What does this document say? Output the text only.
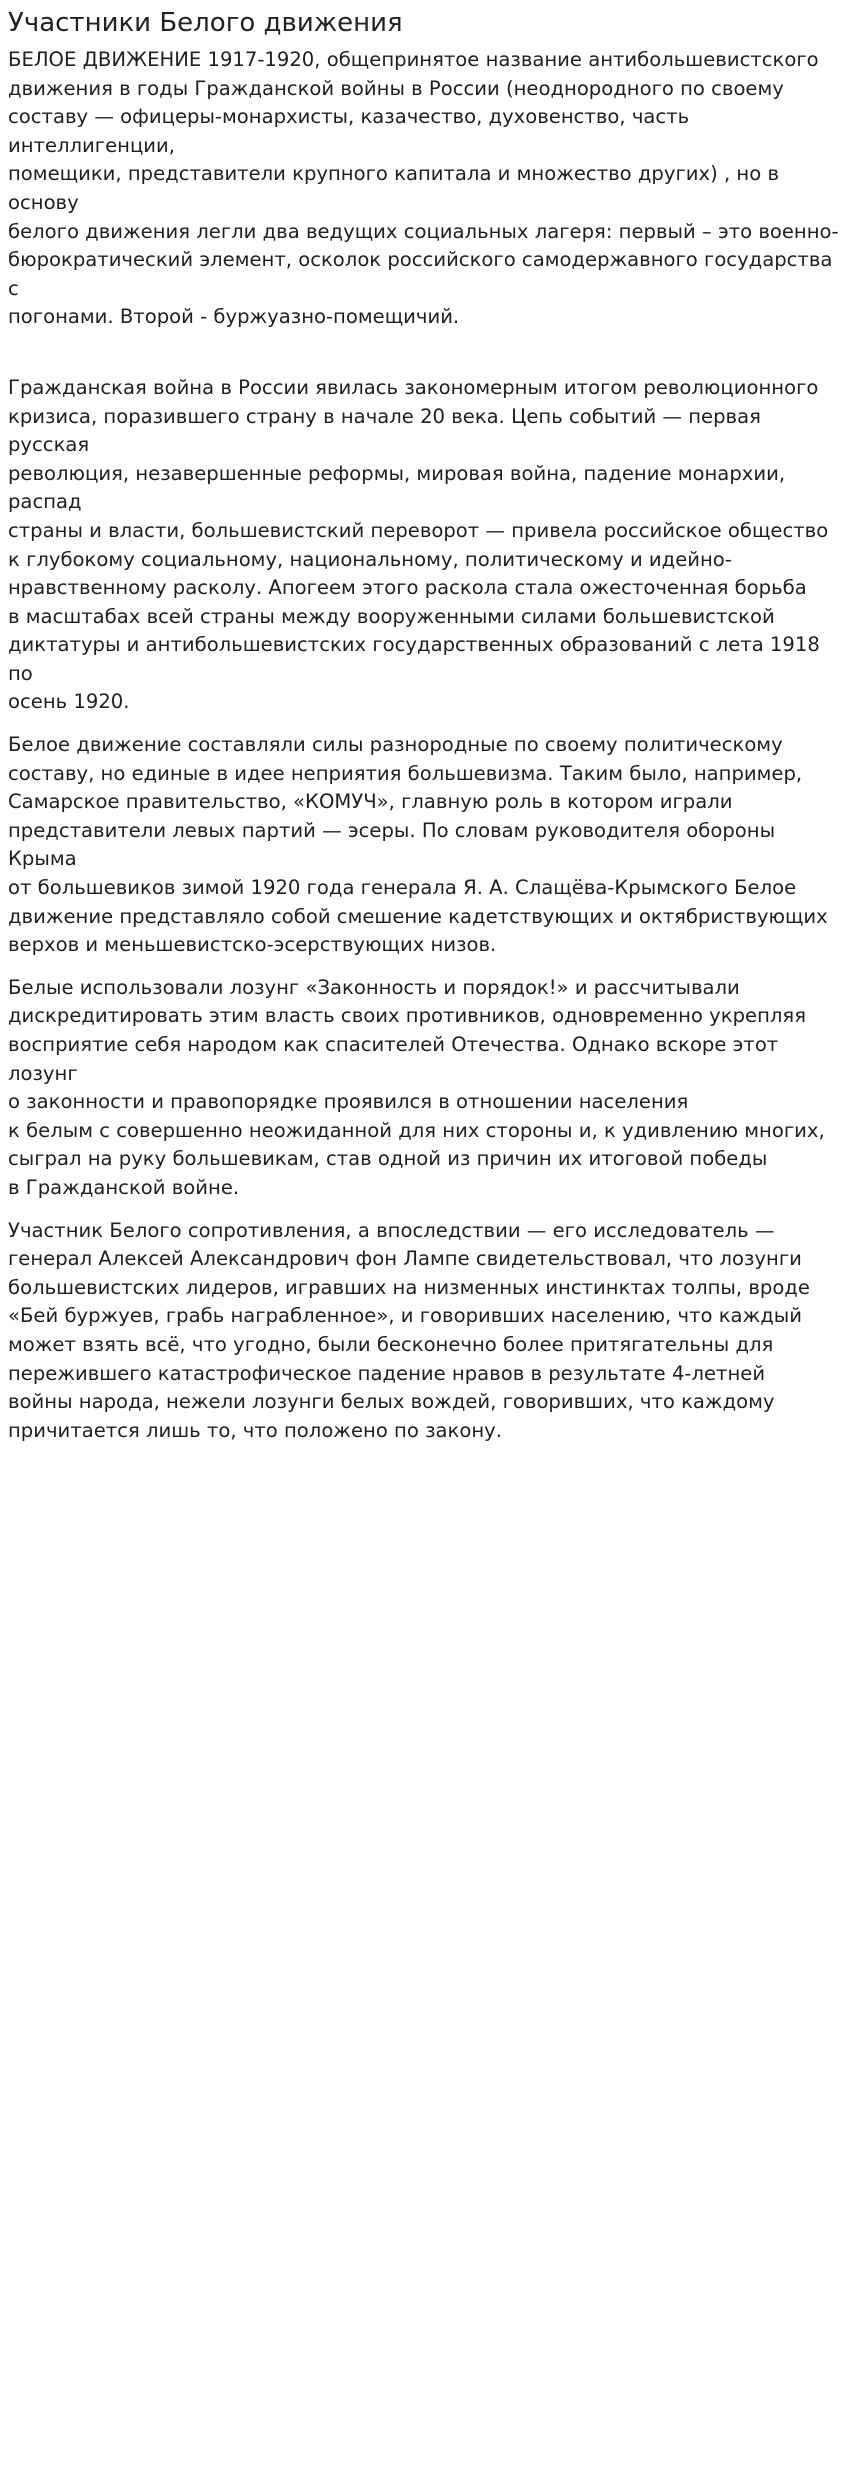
Участники Белого движения

БЕЛОЕ ДВИЖЕНИЕ 1917-1920, общепринятое название антибольшевистского
движения в годы Гражданской войны в России (неоднородного по своему
составу — офицеры-монархисты, казачество, духовенство, часть интеллигенции,
помещики, представители крупного капитала и множество других) , но в основу
белого движения легли два ведущих социальных лагеря: первый – это военно-
бюрократический элемент, осколок российского самодержавного государства с
погонами. Второй - буржуазно-помещичий.

Гражданская война в России явилась закономерным итогом революционного
кризиса, поразившего страну в начале 20 века. Цепь событий — первая русская
революция, незавершенные реформы, мировая война, падение монархии, распад
страны и власти, большевистский переворот — привела российское общество
к глубокому социальному, национальному, политическому и идейно-
нравственному расколу. Апогеем этого раскола стала ожесточенная борьба
в масштабах всей страны между вооруженными силами большевистской
диктатуры и антибольшевистских государственных образований с лета 1918 по
осень 1920.

Белое движение составляли силы разнородные по своему политическому
составу, но единые в идее неприятия большевизма. Таким было, например,
Самарское правительство, «КОМУЧ», главную роль в котором играли
представители левых партий — эсеры. По словам руководителя обороны Крыма
от большевиков зимой 1920 года генерала Я. А. Слащёва-Крымского Белое
движение представляло собой смешение кадетствующих и октябриствующих
верхов и меньшевистско-эсерствующих низов.

Белые использовали лозунг «Законность и порядок!» и рассчитывали
дискредитировать этим власть своих противников, одновременно укрепляя
восприятие себя народом как спасителей Отечества. Однако вскоре этот лозунг
о законности и правопорядке проявился в отношении населения
к белым с совершенно неожиданной для них стороны и, к удивлению многих,
сыграл на руку большевикам, став одной из причин их итоговой победы
в Гражданской войне.

Участник Белого сопротивления, а впоследствии — его исследователь —
генерал Алексей Александрович фон Лампе свидетельствовал, что лозунги
большевистских лидеров, игравших на низменных инстинктах толпы, вроде
«Бей буржуев, грабь награбленное», и говоривших населению, что каждый
может взять всё, что угодно, были бесконечно более притягательны для
пережившего катастрофическое падение нравов в результате 4-летней
войны народа, нежели лозунги белых вождей, говоривших, что каждому
причитается лишь то, что положено по закону.
